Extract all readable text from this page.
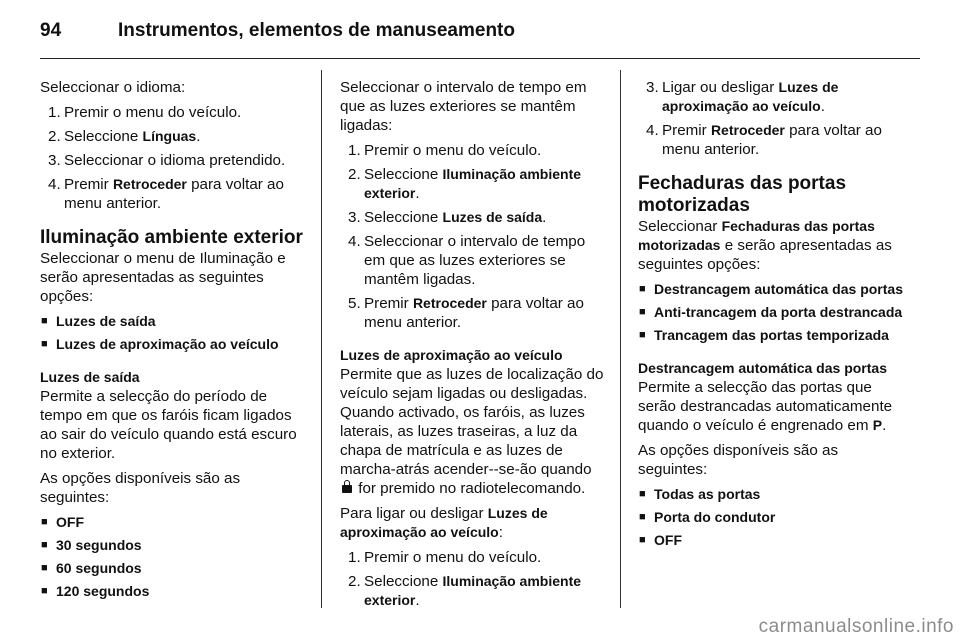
94	Instrumentos, elementos de manuseamento

Seleccionar o idioma:

1. Premir o menu do veículo.
2. Seleccione Línguas.
3. Seleccionar o idioma pretendido.
4. Premir Retroceder para voltar ao menu anterior.
Iluminação ambiente exterior

Seleccionar o menu de Iluminação e serão apresentadas as seguintes opções:

■ Luzes de saída
■ Luzes de aproximação ao veículo
Luzes de saída

Permite a selecção do período de tempo em que os faróis ficam ligados ao sair do veículo quando está escuro no exterior.

As opções disponíveis são as seguintes:

■ OFF
■ 30 segundos
■ 60 segundos
■ 120 segundos

Seleccionar o intervalo de tempo em que as luzes exteriores se mantêm ligadas:

1. Premir o menu do veículo.
2. Seleccione Iluminação ambiente exterior.
3. Seleccione Luzes de saída.
4. Seleccionar o intervalo de tempo em que as luzes exteriores se mantêm ligadas.
5. Premir Retroceder para voltar ao menu anterior.
Luzes de aproximação ao veículo

Permite que as luzes de localização do veículo sejam ligadas ou desligadas. Quando activado, os faróis, as luzes laterais, as luzes traseiras, a luz da chapa de matrícula e as luzes de marcha-atrás acender--se-ão quando  for premido no radiotelecomando.

Para ligar ou desligar Luzes de aproximação ao veículo:

1. Premir o menu do veículo.
2. Seleccione Iluminação ambiente exterior.
3. Ligar ou desligar Luzes de aproximação ao veículo.
4. Premir Retroceder para voltar ao menu anterior.
Fechaduras das portas motorizadas

Seleccionar Fechaduras das portas motorizadas e serão apresentadas as seguintes opções:

■ Destrancagem automática das portas
■ Anti-trancagem da porta destrancada
■ Trancagem das portas temporizada
Destrancagem automática das portas

Permite a selecção das portas que serão destrancadas automaticamente quando o veículo é engrenado em P.

As opções disponíveis são as seguintes:

■ Todas as portas
■ Porta do condutor
■ OFF
carmanualsonline.info
